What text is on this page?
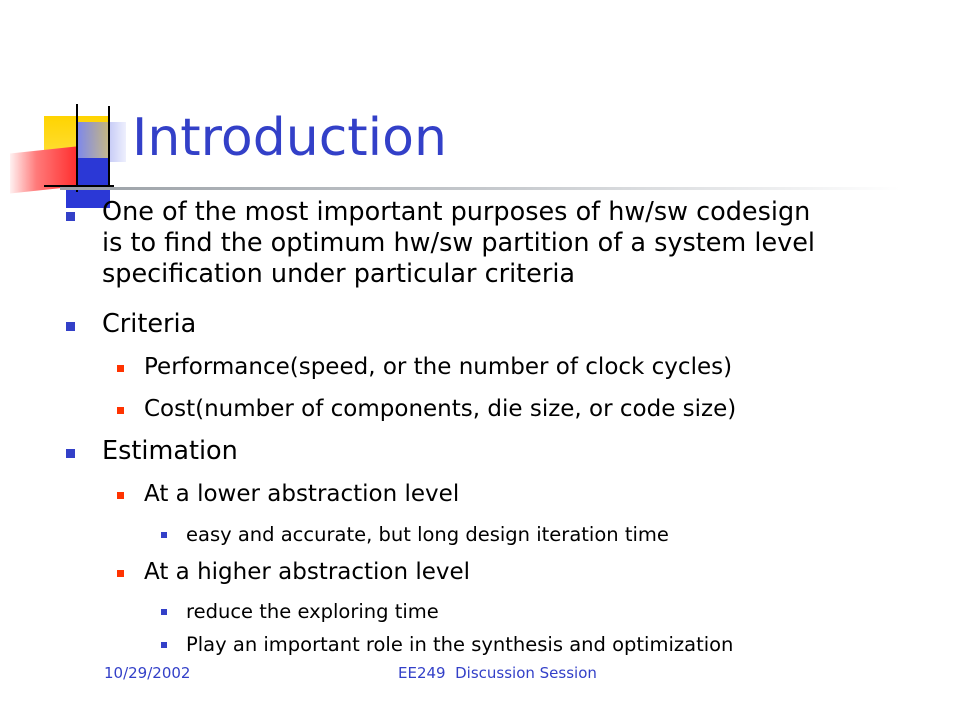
Introduction
One of the most important purposes of hw/sw codesign
is to find the optimum hw/sw partition of a system level
specification under particular criteria
Criteria
Performance(speed, or the number of clock cycles)
Cost(number of components, die size, or code size)
Estimation
At a lower abstraction level
easy and accurate, but long design iteration time
At a higher abstraction level
reduce the exploring time
Play an important role in the synthesis and optimization
10/29/2002	EE249  Discussion Session
